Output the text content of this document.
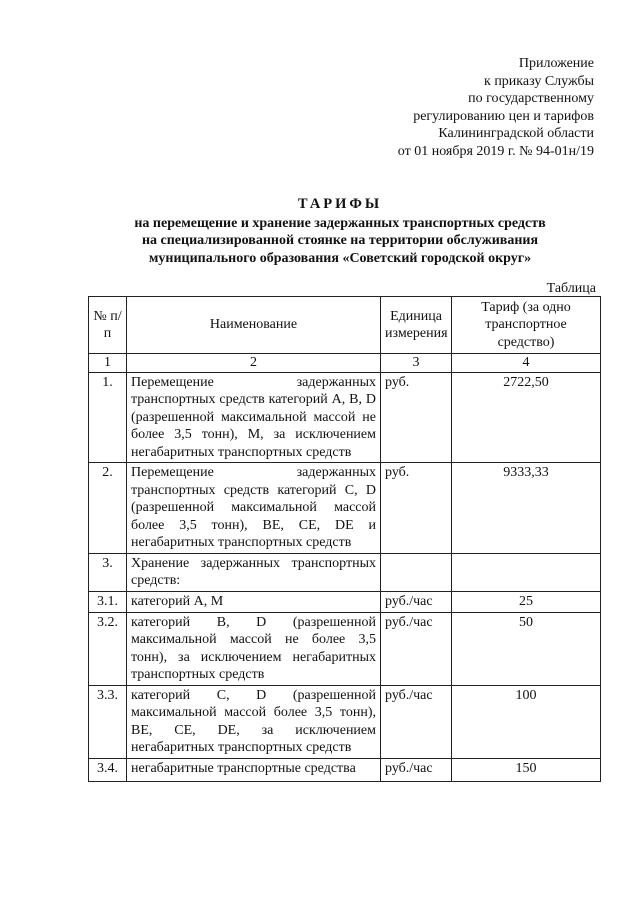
Приложение
к приказу Службы
по государственному
регулированию цен и тарифов
Калининградской области
от 01 ноября 2019 г. № 94-01н/19
ТАРИФЫ
на перемещение и хранение задержанных транспортных средств
на специализированной стоянке на территории обслуживания
муниципального образования «Советский городской округ»
Таблица
№ п/п	Наименование	Единица измерения	Тариф (за одно транспортное средство)
1	2	3	4
1.	Перемещение задержанных транспортных средств категорий A, B, D (разрешенной максимальной массой не более 3,5 тонн), M, за исключением негабаритных транспортных средств	руб.	2722,50
2.	Перемещение задержанных транспортных средств категорий C, D (разрешенной максимальной массой более 3,5 тонн), BE, CE, DE и негабаритных транспортных средств	руб.	9333,33
3.	Хранение задержанных транспортных средств:		
3.1.	категорий A, M	руб./час	25
3.2.	категорий B, D (разрешенной максимальной массой не более 3,5 тонн), за исключением негабаритных транспортных средств	руб./час	50
3.3.	категорий C, D (разрешенной максимальной массой более 3,5 тонн), BE, CE, DE, за исключением негабаритных транспортных средств	руб./час	100
3.4.	негабаритные транспортные средства	руб./час	150
